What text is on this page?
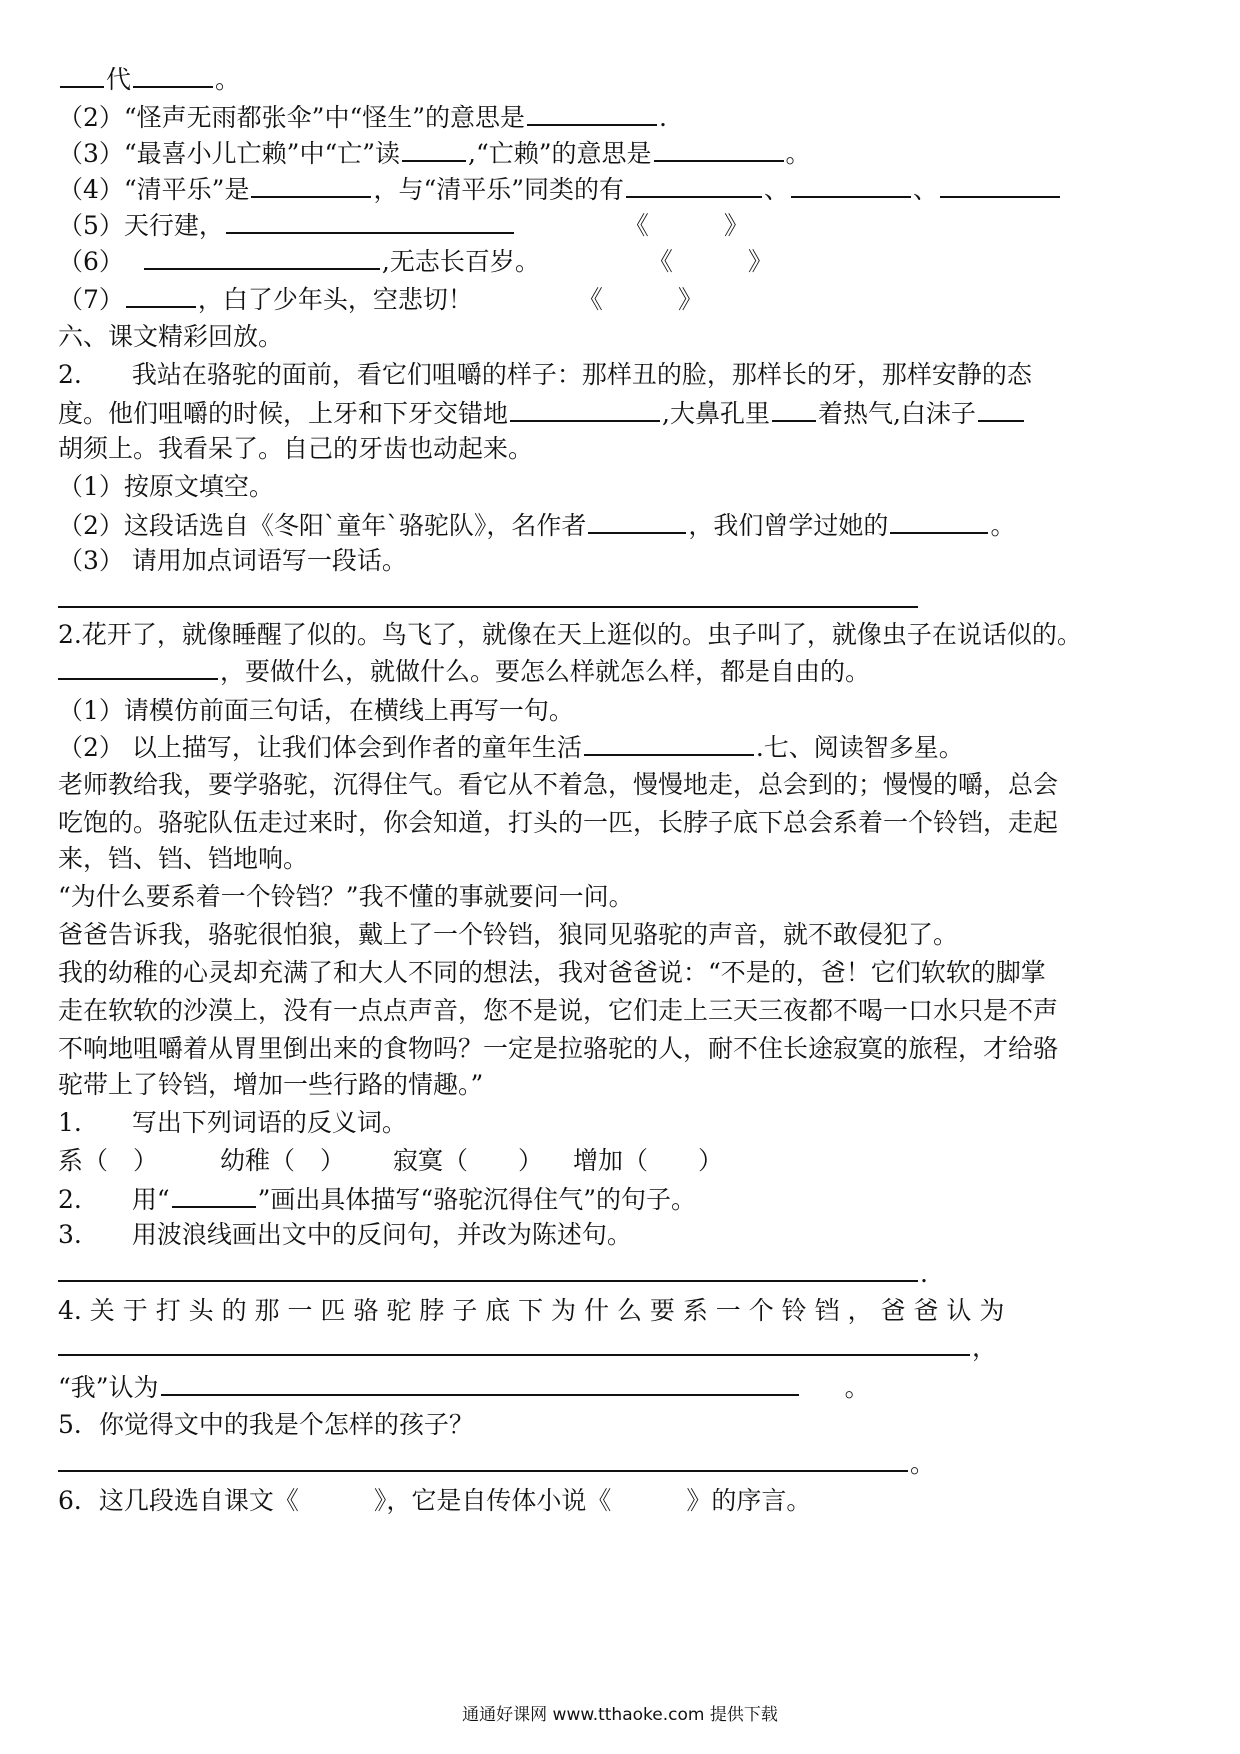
代	。
（2）“怪声无雨都张伞”中“怪生”的意思是	.
（3）“最喜小儿亡赖”中“亡”读	,“亡赖”的意思是	。
（4）“清平乐”是	，与“清平乐”同类的有	、	、
（5）天行建，	《　　　》
（6）	,无志长百岁。	《　　　》
（7）	，白了少年头，空悲切！	《　　　》
六、课文精彩回放。
2.　　我站在骆驼的面前，看它们咀嚼的样子：那样丑的脸，那样长的牙，那样安静的态
度。他们咀嚼的时候，上牙和下牙交错地	,大鼻孔里 着热气,白沫子
胡须上。我看呆了。自己的牙齿也动起来。
（1）按原文填空。
（2）这段话选自《冬阳`童年`骆驼队》，名作者	，我们曾学过她的	。
（3） 请用加点词语写一段话。
2.花开了，就像睡醒了似的。鸟飞了，就像在天上逛似的。虫子叫了，就像虫子在说话似的。
，要做什么，就做什么。要怎么样就怎么样，都是自由的。
（1）请模仿前面三句话，在横线上再写一句。
（2） 以上描写，让我们体会到作者的童年生活	.七、阅读智多星。
老师教给我，要学骆驼，沉得住气。看它从不着急，慢慢地走，总会到的；慢慢的嚼，总会
吃饱的。骆驼队伍走过来时，你会知道，打头的一匹，长脖子底下总会系着一个铃铛，走起
来，铛、铛、铛地响。
“为什么要系着一个铃铛？”我不懂的事就要问一问。
爸爸告诉我，骆驼很怕狼，戴上了一个铃铛，狼同见骆驼的声音，就不敢侵犯了。
我的幼稚的心灵却充满了和大人不同的想法，我对爸爸说：“不是的，爸！它们软软的脚掌
走在软软的沙漠上，没有一点点声音，您不是说，它们走上三天三夜都不喝一口水只是不声
不响地咀嚼着从胃里倒出来的食物吗？一定是拉骆驼的人，耐不住长途寂寞的旅程，才给骆
驼带上了铃铛，增加一些行路的情趣。”
1.　　写出下列词语的反义词。
系（　） 幼稚（　） 寂寞（　　） 增加（　　）
2.　　用“	”画出具体描写“骆驼沉得住气”的句子。
3.　　用波浪线画出文中的反问句，并改为陈述句。
.
4. 关 于 打 头 的 那 一 匹 骆 驼 脖 子 底 下 为 什 么 要 系 一 个 铃 铛 ， 爸 爸 认 为
，
“我”认为	。
5．你觉得文中的我是个怎样的孩子？
。
6．这几段选自课文《　　　》，它是自传体小说《　　　》的序言。
通通好课网 www.tthaoke.com 提供下载
